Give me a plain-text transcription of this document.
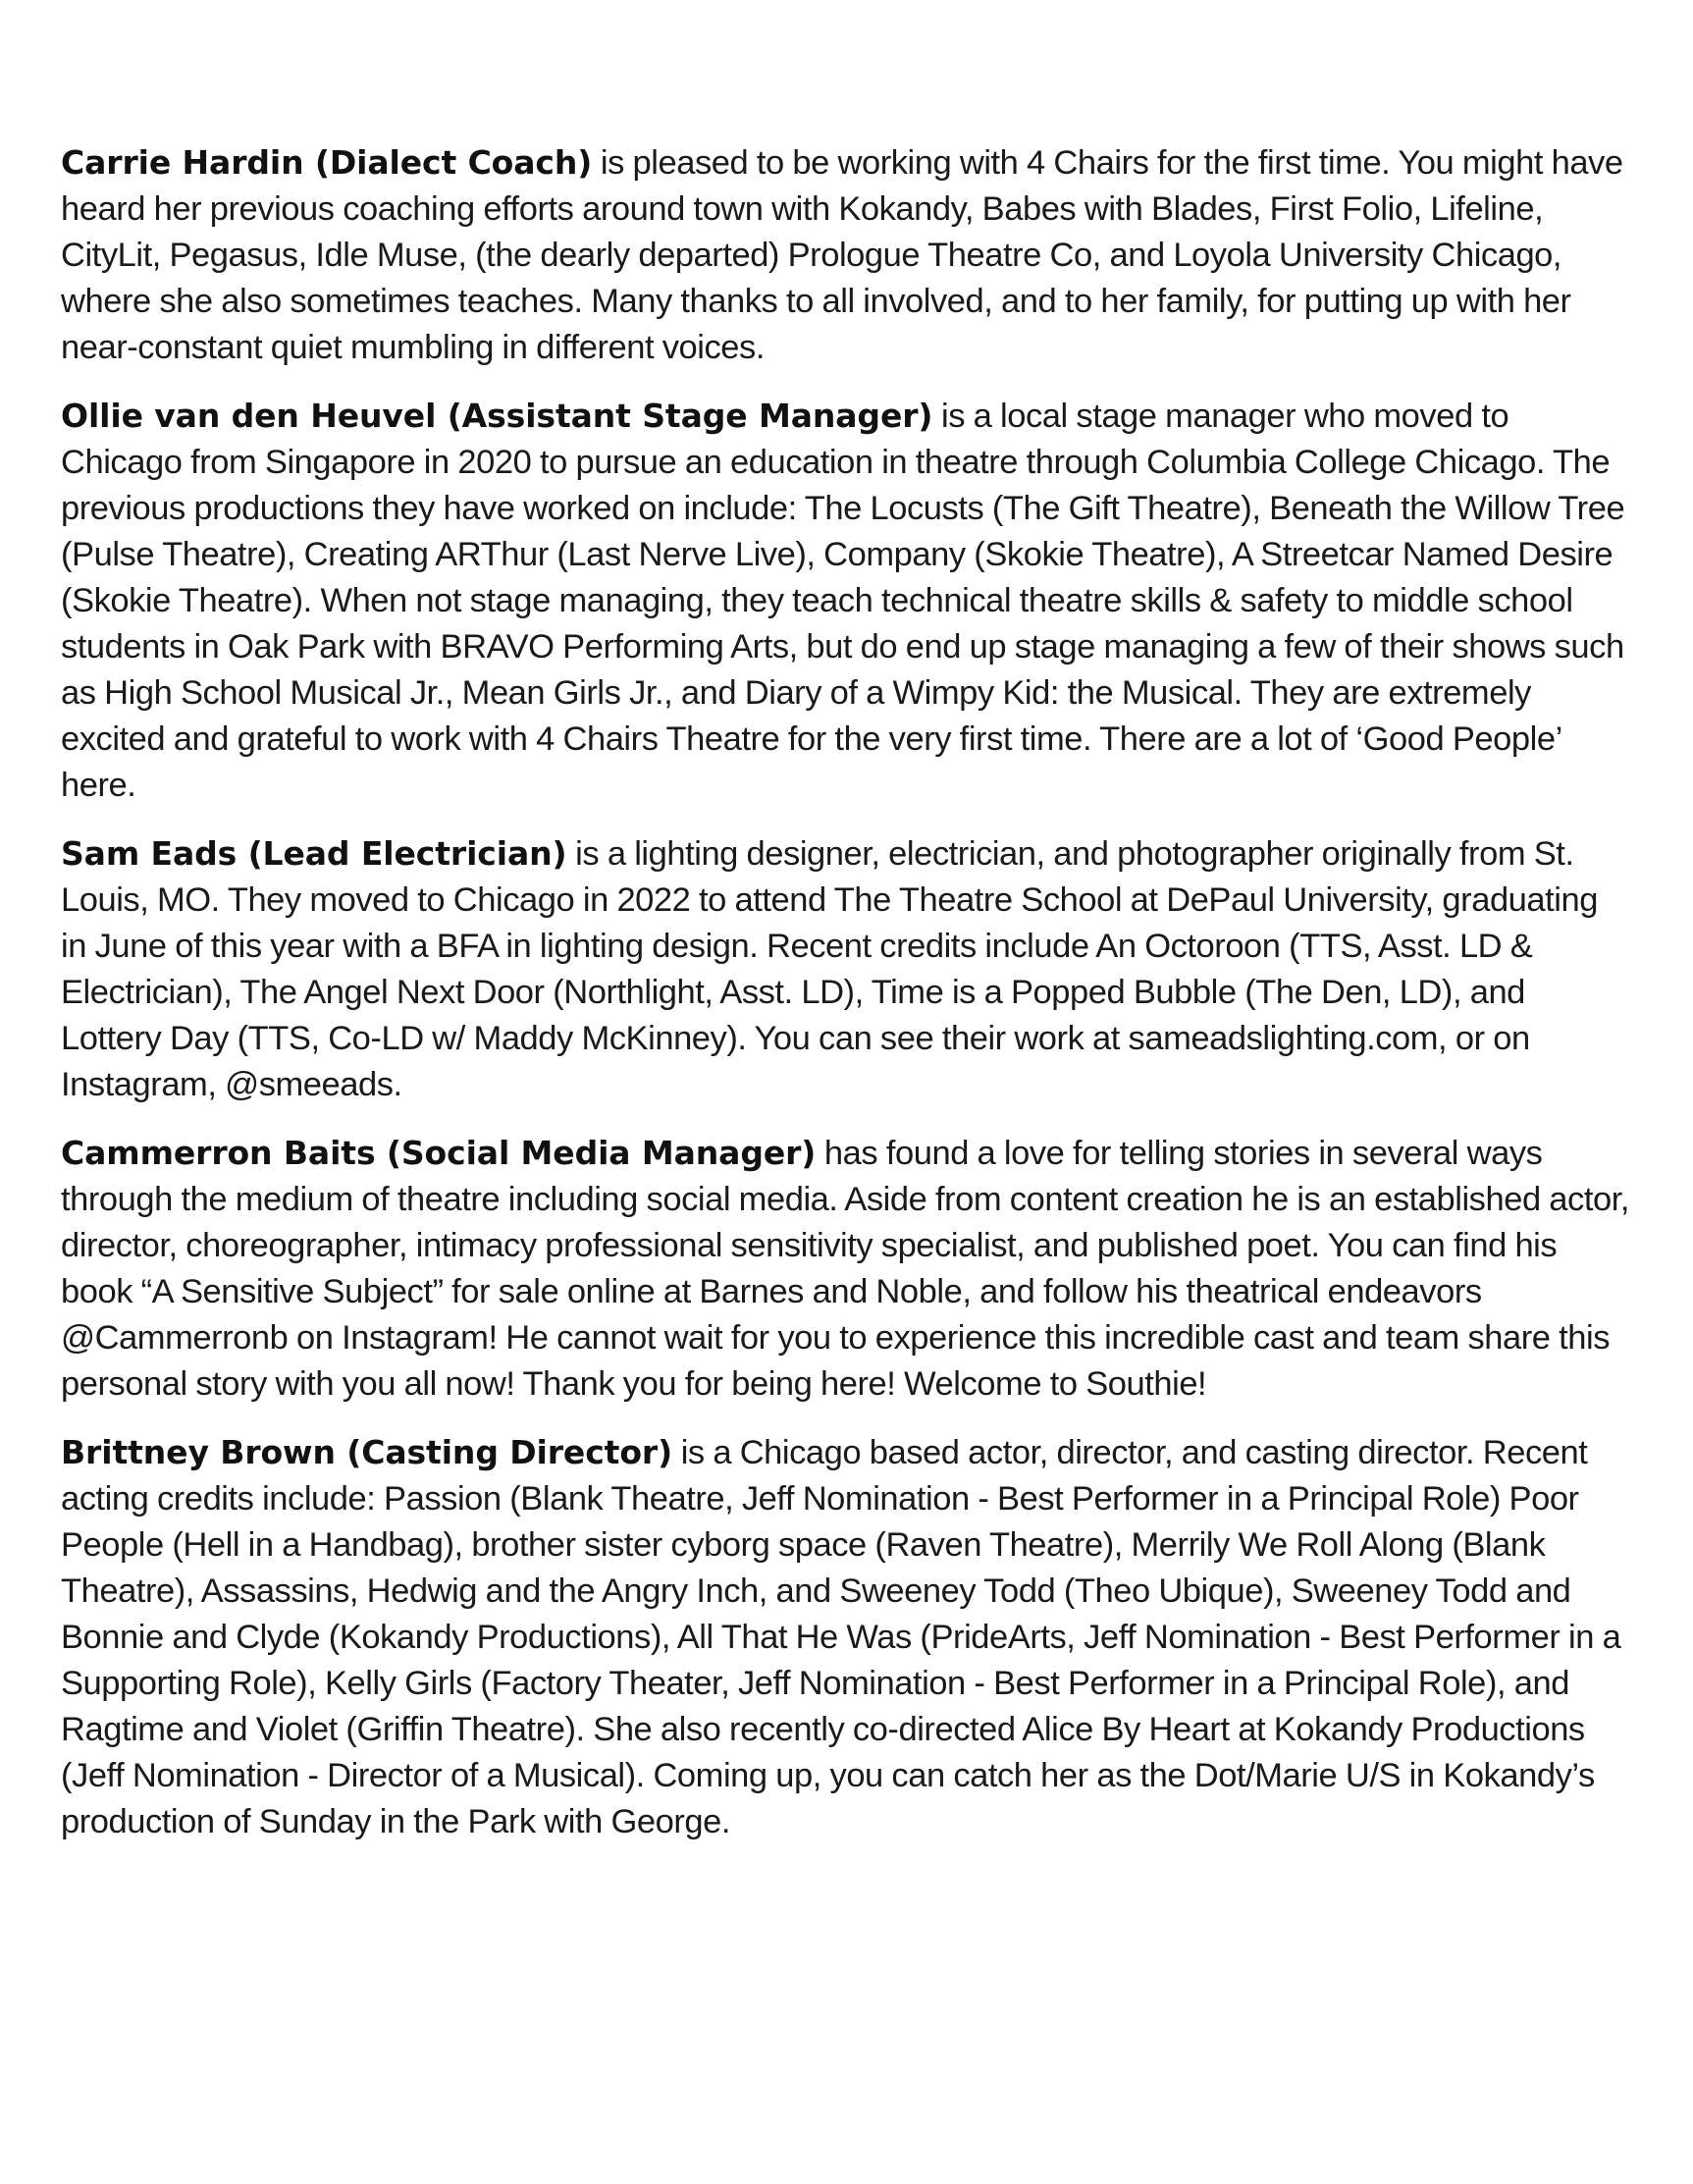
Carrie Hardin (Dialect Coach) is pleased to be working with 4 Chairs for the first time. You might have heard her previous coaching efforts around town with Kokandy, Babes with Blades, First Folio, Lifeline, CityLit, Pegasus, Idle Muse, (the dearly departed) Prologue Theatre Co, and Loyola University Chicago, where she also sometimes teaches. Many thanks to all involved, and to her family, for putting up with her near-constant quiet mumbling in different voices.

Ollie van den Heuvel (Assistant Stage Manager) is a local stage manager who moved to Chicago from Singapore in 2020 to pursue an education in theatre through Columbia College Chicago. The previous productions they have worked on include: The Locusts (The Gift Theatre), Beneath the Willow Tree (Pulse Theatre), Creating ARThur (Last Nerve Live), Company (Skokie Theatre), A Streetcar Named Desire (Skokie Theatre). When not stage managing, they teach technical theatre skills & safety to middle school students in Oak Park with BRAVO Performing Arts, but do end up stage managing a few of their shows such as High School Musical Jr., Mean Girls Jr., and Diary of a Wimpy Kid: the Musical. They are extremely excited and grateful to work with 4 Chairs Theatre for the very first time. There are a lot of ‘Good People’ here.

Sam Eads (Lead Electrician) is a lighting designer, electrician, and photographer originally from St. Louis, MO. They moved to Chicago in 2022 to attend The Theatre School at DePaul University, graduating in June of this year with a BFA in lighting design. Recent credits include An Octoroon (TTS, Asst. LD & Electrician), The Angel Next Door (Northlight, Asst. LD), Time is a Popped Bubble (The Den, LD), and Lottery Day (TTS, Co-LD w/ Maddy McKinney). You can see their work at sameadslighting.com, or on Instagram, @smeeads.

Cammerron Baits (Social Media Manager) has found a love for telling stories in several ways through the medium of theatre including social media. Aside from content creation he is an established actor, director, choreographer, intimacy professional sensitivity specialist, and published poet. You can find his book “A Sensitive Subject” for sale online at Barnes and Noble, and follow his theatrical endeavors @Cammerronb on Instagram! He cannot wait for you to experience this incredible cast and team share this personal story with you all now! Thank you for being here! Welcome to Southie!

Brittney Brown (Casting Director) is a Chicago based actor, director, and casting director. Recent acting credits include: Passion (Blank Theatre, Jeff Nomination - Best Performer in a Principal Role) Poor People (Hell in a Handbag), brother sister cyborg space (Raven Theatre), Merrily We Roll Along (Blank Theatre), Assassins, Hedwig and the Angry Inch, and Sweeney Todd (Theo Ubique), Sweeney Todd and Bonnie and Clyde (Kokandy Productions), All That He Was (PrideArts, Jeff Nomination - Best Performer in a Supporting Role), Kelly Girls (Factory Theater, Jeff Nomination - Best Performer in a Principal Role), and Ragtime and Violet (Griffin Theatre). She also recently co-directed Alice By Heart at Kokandy Productions (Jeff Nomination - Director of a Musical). Coming up, you can catch her as the Dot/Marie U/S in Kokandy’s production of Sunday in the Park with George.
